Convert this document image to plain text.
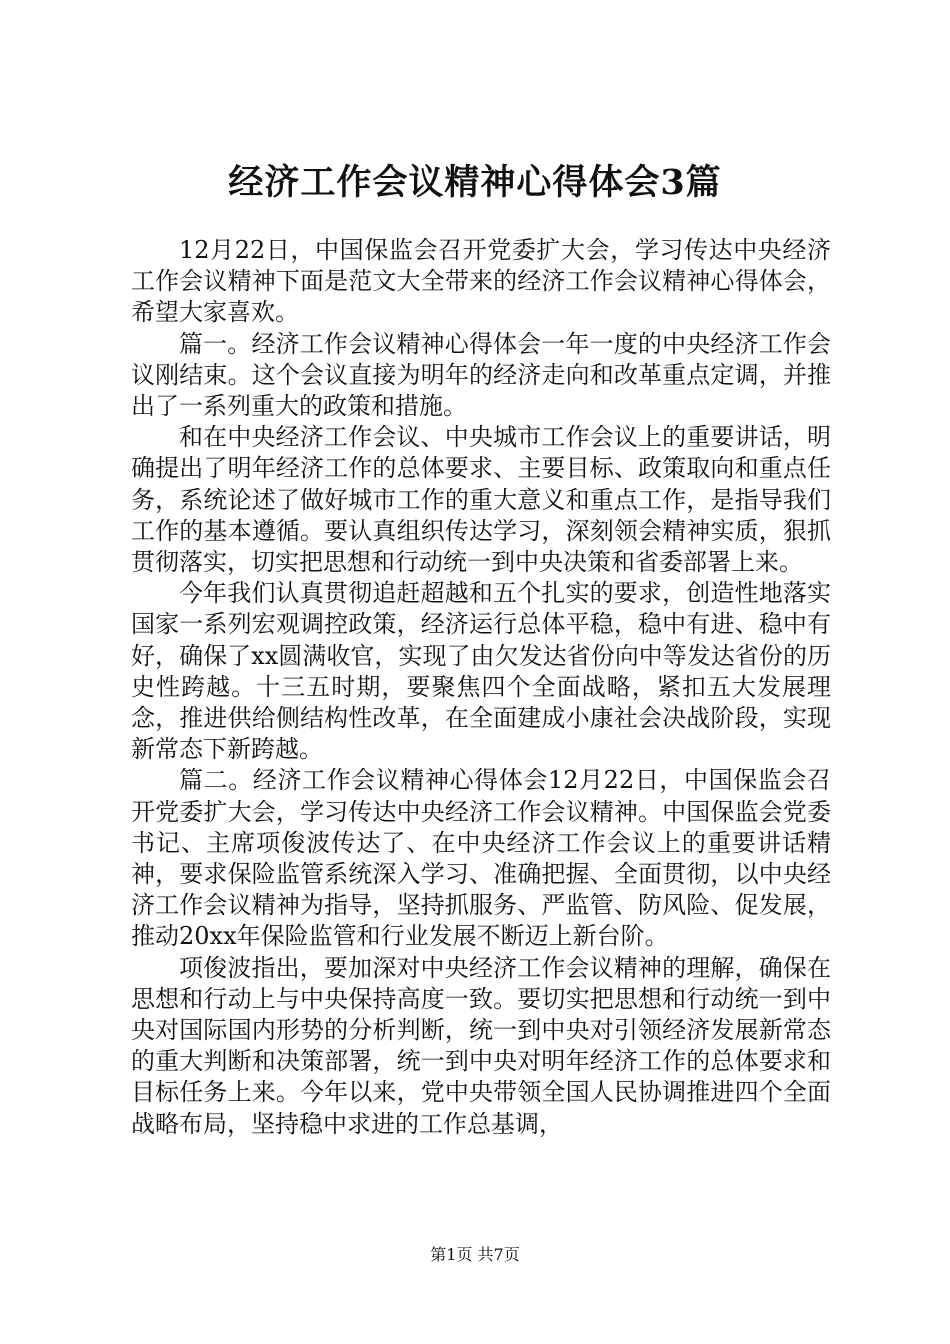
经济工作会议精神心得体会3篇

12月22日，中国保监会召开党委扩大会，学习传达中央经济工作会议精神下面是范文大全带来的经济工作会议精神心得体会，希望大家喜欢。

篇一。经济工作会议精神心得体会一年一度的中央经济工作会议刚结束。这个会议直接为明年的经济走向和改革重点定调，并推出了一系列重大的政策和措施。

和在中央经济工作会议、中央城市工作会议上的重要讲话，明确提出了明年经济工作的总体要求、主要目标、政策取向和重点任务，系统论述了做好城市工作的重大意义和重点工作，是指导我们工作的基本遵循。要认真组织传达学习，深刻领会精神实质，狠抓贯彻落实，切实把思想和行动统一到中央决策和省委部署上来。

今年我们认真贯彻追赶超越和五个扎实的要求，创造性地落实国家一系列宏观调控政策，经济运行总体平稳，稳中有进、稳中有好，确保了xx圆满收官，实现了由欠发达省份向中等发达省份的历史性跨越。十三五时期，要聚焦四个全面战略，紧扣五大发展理念，推进供给侧结构性改革，在全面建成小康社会决战阶段，实现新常态下新跨越。

篇二。经济工作会议精神心得体会12月22日，中国保监会召开党委扩大会，学习传达中央经济工作会议精神。中国保监会党委书记、主席项俊波传达了、在中央经济工作会议上的重要讲话精神，要求保险监管系统深入学习、准确把握、全面贯彻，以中央经济工作会议精神为指导，坚持抓服务、严监管、防风险、促发展，推动20xx年保险监管和行业发展不断迈上新台阶。

项俊波指出，要加深对中央经济工作会议精神的理解，确保在思想和行动上与中央保持高度一致。要切实把思想和行动统一到中央对国际国内形势的分析判断，统一到中央对引领经济发展新常态的重大判断和决策部署，统一到中央对明年经济工作的总体要求和目标任务上来。今年以来，党中央带领全国人民协调推进四个全面战略布局，坚持稳中求进的工作总基调，

第1页 共7页
